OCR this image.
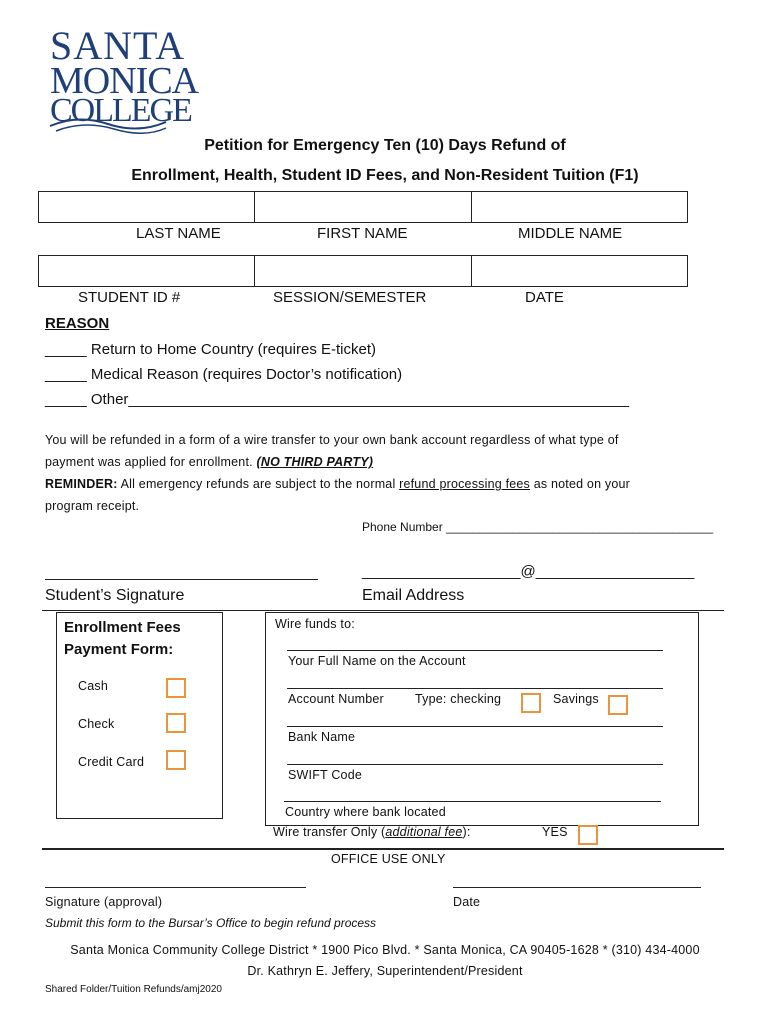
SANTA
MONICA
COLLEGE
Petition for Emergency Ten (10) Days Refund of
Enrollment, Health, Student ID Fees, and Non-Resident Tuition (F1)
LAST NAME	FIRST NAME	MIDDLE NAME
STUDENT ID #	SESSION/SEMESTER	DATE
REASON
_____ Return to Home Country (requires E-ticket)
_____ Medical Reason (requires Doctor’s notification)
_____ Other____________________________________________________________
You will be refunded in a form of a wire transfer to your own bank account regardless of what type of
payment was applied for enrollment. (NO THIRD PARTY)
REMINDER: All emergency refunds are subject to the normal refund processing fees as noted on your
program receipt.
Phone Number ________________________________________
Student’s Signature
___________________@___________________
Email Address
Enrollment Fees
Payment Form:
Cash
Check
Credit Card
Wire funds to:
Your Full Name on the Account
Account Number Type: checking	Savings
Bank Name
SWIFT Code
Country where bank located
Wire transfer Only (additional fee):	YES
OFFICE USE ONLY
Signature (approval)	Date
Submit this form to the Bursar’s Office to begin refund process
Santa Monica Community College District * 1900 Pico Blvd. * Santa Monica, CA 90405-1628 * (310) 434-4000
Dr. Kathryn E. Jeffery, Superintendent/President
Shared Folder/Tuition Refunds/amj2020
